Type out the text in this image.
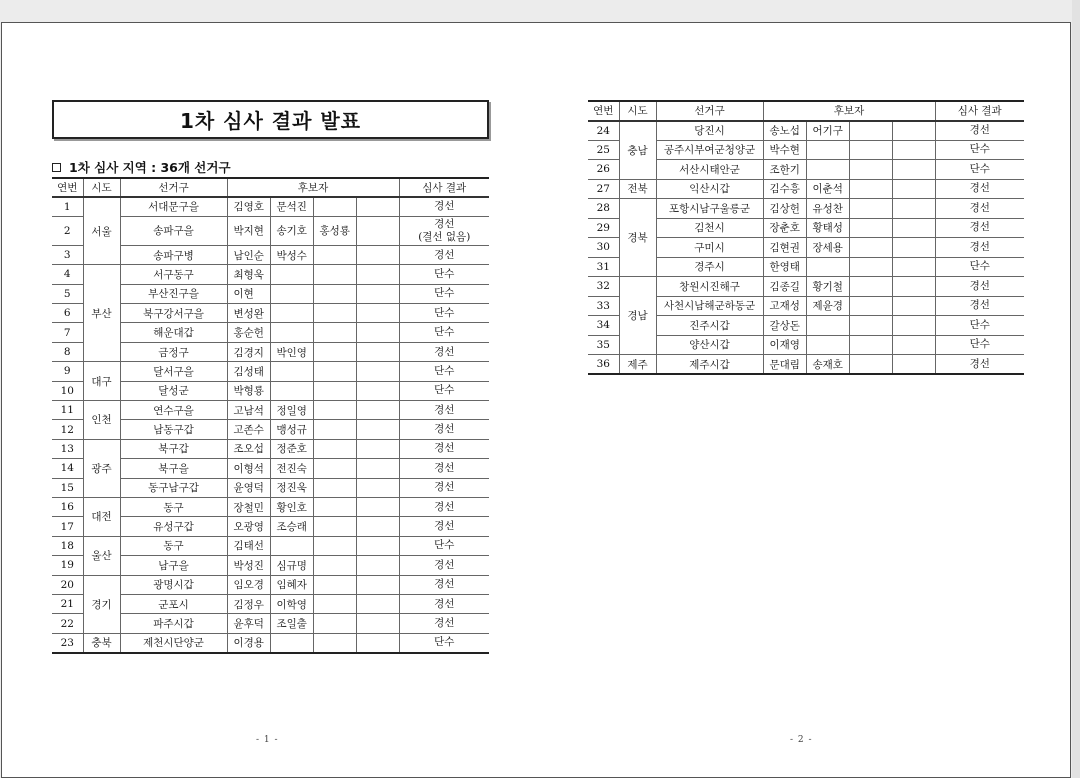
1차 심사 결과 발표
1차 심사 지역 : 36개 선거구
연번	시도	선거구	후보자				심사 결과
1	서울	서대문구을	김영호	문석진			경선

2		송파구을	박지현	송기호	홍성룡		경선
(결선 없음)

3		송파구병	남인순	박성수			경선

4	부산	서구동구	최형욱				단수

5		부산진구을	이현				단수

6		북구강서구을	변성완				단수

7		해운대갑	홍순헌				단수

8		금정구	김경지	박인영			경선

9	대구	달서구을	김성태				단수

10		달성군	박형룡				단수

11	인천	연수구을	고남석	정일영			경선

12		남동구갑	고존수	맹성규			경선

13	광주	북구갑	조오섭	정준호			경선

14		북구을	이형석	전진숙			경선

15		동구남구갑	윤영덕	정진욱			경선

16	대전	동구	장철민	황인호			경선

17		유성구갑	오광영	조승래			경선

18	울산	동구	김태선				단수

19		남구을	박성진	심규명			경선

20	경기	광명시갑	임오경	임혜자			경선

21		군포시	김정우	이학영			경선

22		파주시갑	윤후덕	조일출			경선

23	충북	제천시단양군	이경용				단수
연번	시도	선거구	후보자				심사 결과
24	충남	당진시	송노섭	어기구			경선

25		공주시부여군청양군	박수현				단수

26		서산시태안군	조한기				단수

27	전북	익산시갑	김수흥	이춘석			경선

28	경북	포항시남구울릉군	김상헌	유성찬			경선

29		김천시	장춘호	황태성			경선

30		구미시	김현권	장세용			경선

31		경주시	한영태				단수

32	경남	창원시진해구	김종길	황기철			경선

33		사천시남해군하동군	고재성	제윤경			경선

34		진주시갑	갈상돈				단수

35		양산시갑	이재영				단수

36	제주	제주시갑	문대림	송재호			경선
- 1 -	- 2 -
